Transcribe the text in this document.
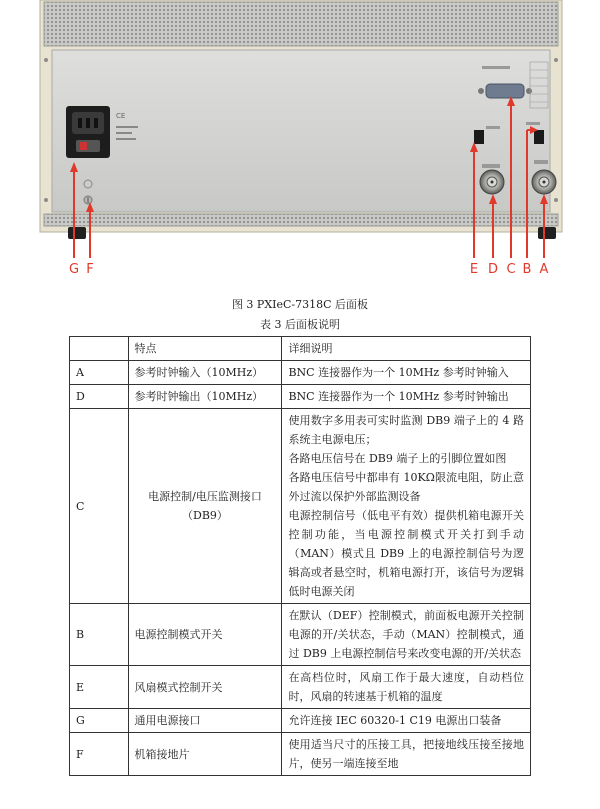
CE
G F	E D C B A
图 3 PXIeC-7318C 后面板
表 3 后面板说明
	特点	详细说明
A	参考时钟输入（10MHz）	BNC 连接器作为一个 10MHz 参考时钟输入
D	参考时钟输出（10MHz）	BNC 连接器作为一个 10MHz 参考时钟输出
C	电源控制/电压监测接口（DB9）	使用数字多用表可实时监测 DB9 端子上的 4 路系统主电源电压；

各路电压信号在 DB9 端子上的引脚位置如图

各路电压信号中都串有 10KΩ限流电阻，防止意外过流以保护外部监测设备

电源控制信号（低电平有效）提供机箱电源开关控制功能，当电源控制模式开关打到手动（MAN）模式且 DB9 上的电源控制信号为逻辑高或者悬空时，机箱电源打开，该信号为逻辑低时电源关闭

B	电源控制模式开关	在默认（DEF）控制模式，前面板电源开关控制电源的开/关状态，手动（MAN）控制模式，通过 DB9 上电源控制信号来改变电源的开/关状态
E	风扇模式控制开关	在高档位时，风扇工作于最大速度，自动档位时，风扇的转速基于机箱的温度
G	通用电源接口	允许连接 IEC 60320-1 C19 电源出口装备
F	机箱接地片	使用适当尺寸的压接工具，把接地线压接至接地片，使另一端连接至地
